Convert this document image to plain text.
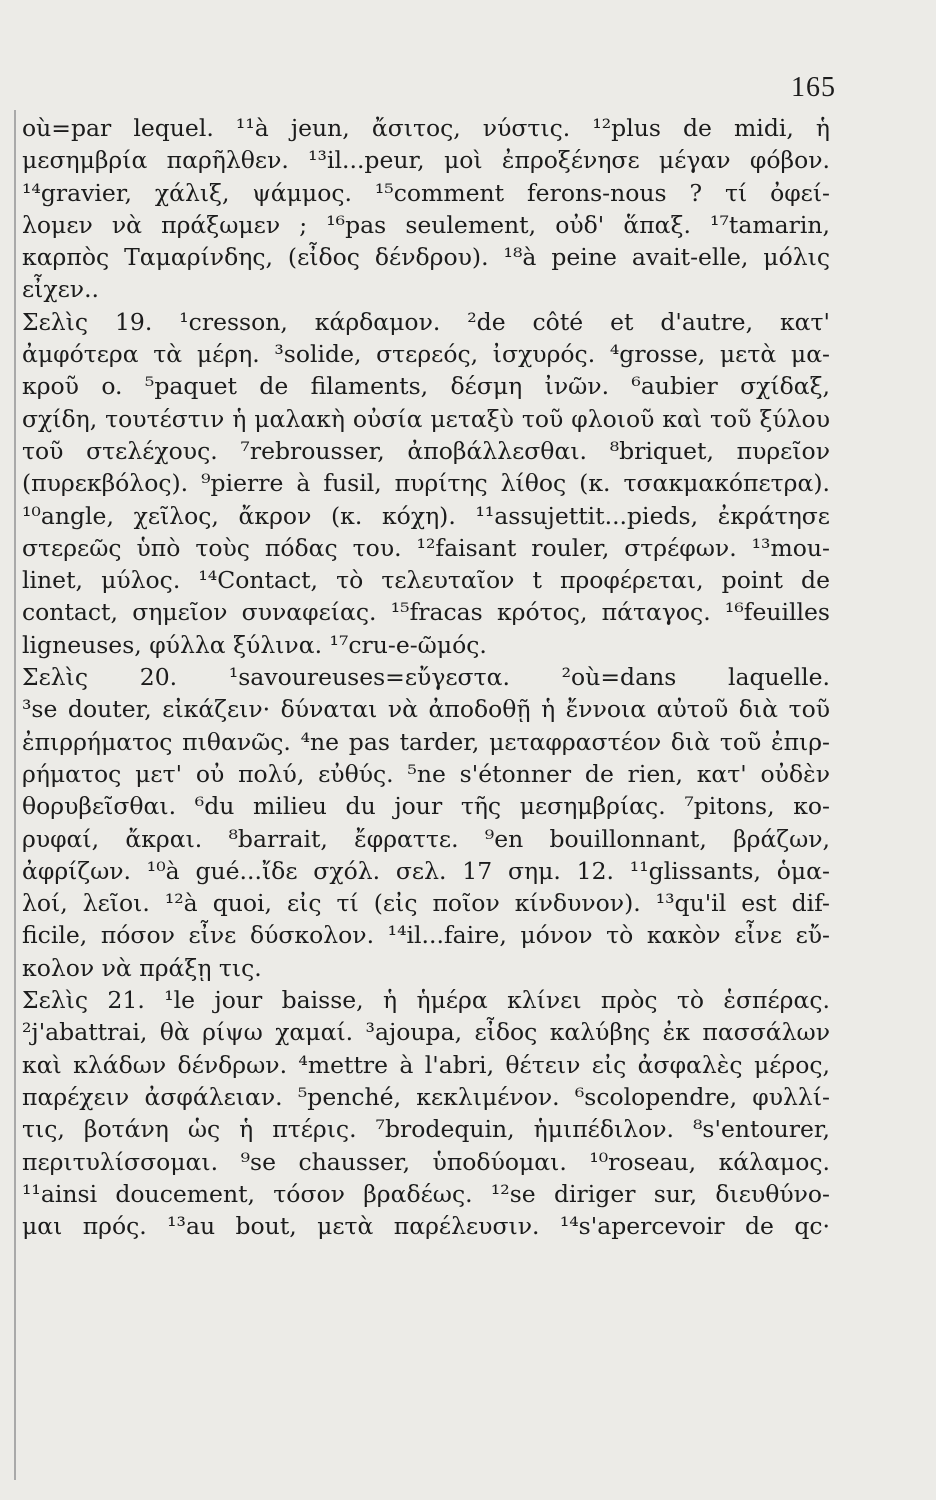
165
où=par lequel. ¹¹à jeun, ἄσιτος, νύστις. ¹²plus de midi, ἡ
μεσημβρία παρῆλθεν. ¹³il...peur, μοὶ ἐπροξένησε μέγαν φόβον.
¹⁴gravier, χάλιξ, ψάμμος. ¹⁵comment ferons-nous ? τί ὀφεί-
λομεν νὰ πράξωμεν ; ¹⁶pas seulement, οὐδ' ἅπαξ. ¹⁷tamarin,
καρπὸς Ταμαρίνδης, (εἶδος δένδρου). ¹⁸à peine avait-elle, μόλις
εἶχεν..
Σελὶς 19. ¹cresson, κάρδαμον. ²de côté et d'autre, κατ'
ἀμφότερα τὰ μέρη. ³solide, στερεός, ἰσχυρός. ⁴grosse, μετὰ μα-
κροῦ o. ⁵paquet de filaments, δέσμη ἰνῶν. ⁶aubier σχίδαξ,
σχίδη, τουτέστιν ἡ μαλακὴ οὐσία μεταξὺ τοῦ φλοιοῦ καὶ τοῦ ξύλου
τοῦ στελέχους. ⁷rebrousser, ἀποβάλλεσθαι. ⁸briquet, πυρεῖον
(πυρεκβόλος). ⁹pierre à fusil, πυρίτης λίθος (κ. τσακμακόπετρα).
¹⁰angle, χεῖλος, ἄκρον (κ. κόχη). ¹¹assujettit...pieds, ἐκράτησε
στερεῶς ὑπὸ τοὺς πόδας του. ¹²faisant rouler, στρέφων. ¹³mou-
linet, μύλος. ¹⁴Contact, τὸ τελευταῖον t προφέρεται, point de
contact, σημεῖον συναφείας. ¹⁵fracas κρότος, πάταγος. ¹⁶feuilles
ligneuses, φύλλα ξύλινα. ¹⁷cru-e-ῶμός.
Σελὶς 20. ¹savoureuses=εὔγεστα. ²où=dans laquelle.
³se douter, εἰκάζειν· δύναται νὰ ἀποδοθῇ ἡ ἔννοια αὐτοῦ διὰ τοῦ
ἐπιρρήματος πιθανῶς. ⁴ne pas tarder, μεταφραστέον διὰ τοῦ ἐπιρ-
ρήματος μετ' οὐ πολύ, εὐθύς. ⁵ne s'étonner de rien, κατ' οὐδὲν
θορυβεῖσθαι. ⁶du milieu du jour τῆς μεσημβρίας. ⁷pitons, κο-
ρυφαί, ἄκραι. ⁸barrait, ἔφραττε. ⁹en bouillonnant, βράζων,
ἀφρίζων. ¹⁰à gué...ἴδε σχόλ. σελ. 17 σημ. 12. ¹¹glissants, ὁμα-
λοί, λεῖοι. ¹²à quoi, εἰς τί (εἰς ποῖον κίνδυνον). ¹³qu'il est dif-
ficile, πόσον εἶνε δύσκολον. ¹⁴il...faire, μόνον τὸ κακὸν εἶνε εὔ-
κολον νὰ πράξῃ τις.
Σελὶς 21. ¹le jour baisse, ἡ ἡμέρα κλίνει πρὸς τὸ ἑσπέρας.
²j'abattrai, θὰ ρίψω χαμαί. ³ajoupa, εἶδος καλύβης ἐκ πασσάλων
καὶ κλάδων δένδρων. ⁴mettre à l'abri, θέτειν εἰς ἀσφαλὲς μέρος,
παρέχειν ἀσφάλειαν. ⁵penché, κεκλιμένον. ⁶scolopendre, φυλλί-
τις, βοτάνη ὡς ἡ πτέρις. ⁷brodequin, ἡμιπέδιλον. ⁸s'entourer,
περιτυλίσσομαι. ⁹se chausser, ὑποδύομαι. ¹⁰roseau, κάλαμος.
¹¹ainsi doucement, τόσον βραδέως. ¹²se diriger sur, διευθύνο-
μαι πρός. ¹³au bout, μετὰ παρέλευσιν. ¹⁴s'apercevoir de qc·
